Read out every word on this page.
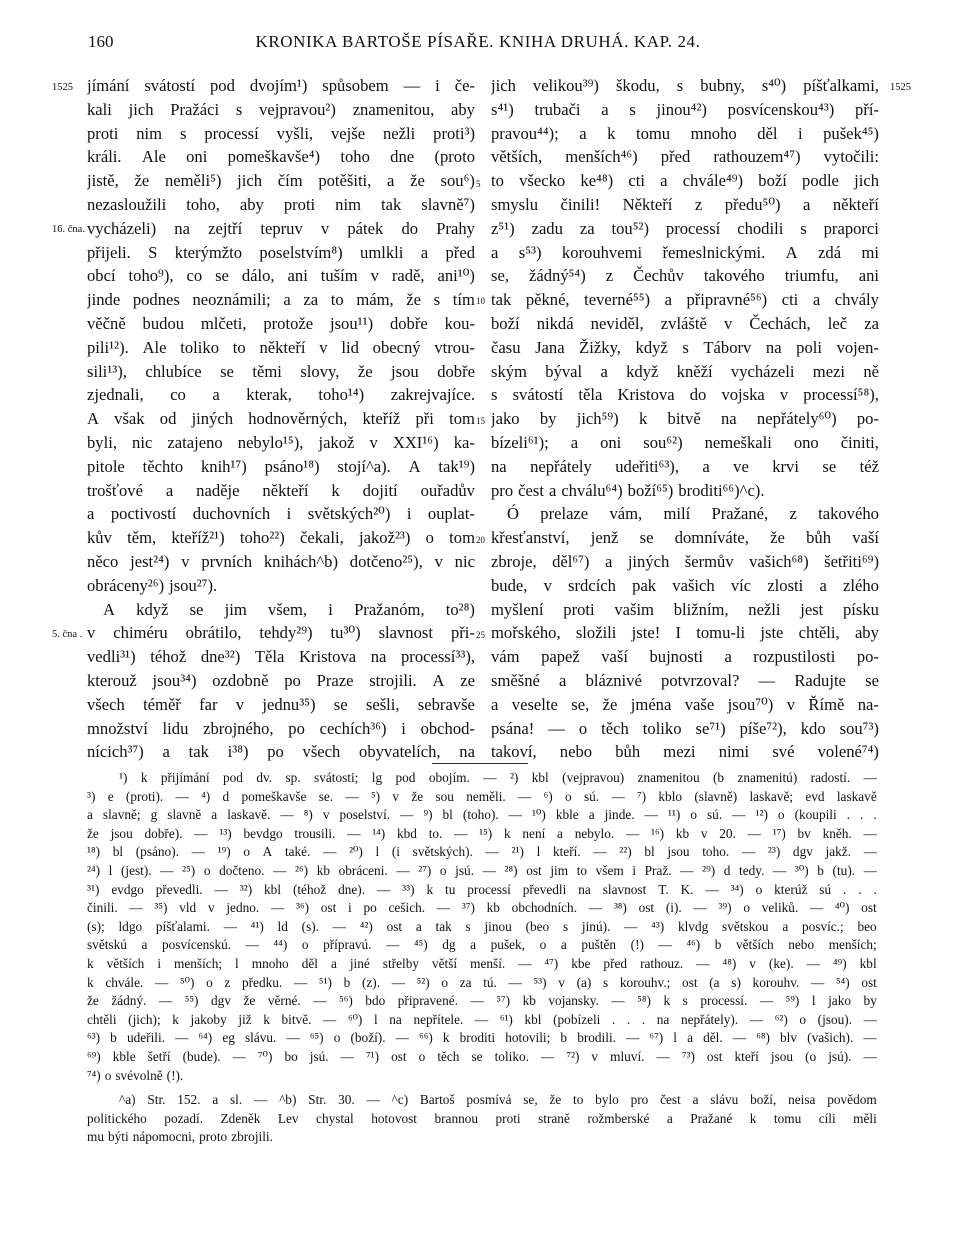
160	KRONIKA BARTOŠE PÍSAŘE. KNIHA DRUHÁ. KAP. 24.
1525	1525
16. čna.
5. čna .
5
10
15
20
25
jímání svátostí pod dvojím¹) spůsobem — i če-
kali jich Pražáci s vejpravou²) znamenitou, aby
proti nim s processí vyšli, vejše nežli proti³)
králi. Ale oni pomeškavše⁴) toho dne (proto
jistě, že neměli⁵) jich čím potěšiti, a že sou⁶)
nezasloužili toho, aby proti nim tak slavně⁷)
vycházeli) na zejtří tepruv v pátek do Prahy
přijeli. S kterýmžto poselstvím⁸) umlkli a před
obcí toho⁹), co se dálo, ani tuším v radě, ani¹⁰)
jinde podnes neoznámili; a za to mám, že s tím
věčně budou mlčeti, protože jsou¹¹) dobře kou-
pili¹²). Ale toliko to někteří v lid obecný vtrou-
sili¹³), chlubíce se těmi slovy, že jsou dobře
zjednali, co a kterak, toho¹⁴) zakrejvajíce.
A však od jiných hodnověrných, kteříž při tom
byli, nic zatajeno nebylo¹⁵), jakož v XXI¹⁶) ka-
pitole těchto knih¹⁷) psáno¹⁸) stojí^a). A tak¹⁹)
trošťové a naděje někteří k dojití ouřadův
a poctivostí duchovních i světských²⁰) i ouplat-
kův těm, kteříž²¹) toho²²) čekali, jakož²³) o tom
něco jest²⁴) v prvních knihách^b) dotčeno²⁵), v nic
obráceny²⁶) jsou²⁷).
A když se jim všem, i Pražanóm, to²⁸)
v chiméru obrátilo, tehdy²⁹) tu³⁰) slavnost při-
vedli³¹) téhož dne³²) Těla Kristova na processí³³),
kterouž jsou³⁴) ozdobně po Praze strojili. A ze
všech téměř far v jednu³⁵) se sešli, sebravše
množství lidu zbrojného, po cechích³⁶) i obchod-
nícich³⁷) a tak i³⁸) po všech obyvatelích, na
jich velikou³⁹) škodu, s bubny, s⁴⁰) píšťalkami,
s⁴¹) trubači a s jinou⁴²) posvícenskou⁴³) pří-
pravou⁴⁴); a k tomu mnoho děl i pušek⁴⁵)
větších, menších⁴⁶) před rathouzem⁴⁷) vytočili:
to všecko ke⁴⁸) cti a chvále⁴⁹) boží podle jich
smyslu činili! Někteří z předu⁵⁰) a někteří
z⁵¹) zadu za tou⁵²) processí chodili s praporci
a s⁵³) korouhvemi řemeslnickými. A zdá mi
se, žádný⁵⁴) z Čechův takového triumfu, ani
tak pěkné, teverné⁵⁵) a připravné⁵⁶) cti a chvály
boží nikdá neviděl, zvláště v Čechách, leč za
času Jana Žižky, když s Táborv na poli vojen-
ským býval a když kněží vycházeli mezi ně
s svátostí těla Kristova do vojska v processí⁵⁸),
jako by jich⁵⁹) k bitvě na nepřátely⁶⁰) po-
bízeli⁶¹); a oni sou⁶²) nemeškali ono činiti,
na nepřátely udeřiti⁶³), a ve krvi se též
pro čest a chválu⁶⁴) boží⁶⁵) broditi⁶⁶)^c).
Ó prelaze vám, milí Pražané, z takového
křesťanství, jenž se domníváte, že bůh vaší
zbroje, děl⁶⁷) a jiných šermův vašich⁶⁸) šetřiti⁶⁹)
bude, v srdcích pak vašich víc zlosti a zlého
myšlení proti vašim bližním, nežli jest písku
mořského, složili jste! I tomu-li jste chtěli, aby
vám papež vaší bujnosti a rozpustilosti po-
směšné a bláznivé potvrzoval? — Radujte se
a veselte se, že jména vaše jsou⁷⁰) v Římě na-
psána! — o těch toliko se⁷¹) píše⁷²), kdo sou⁷³)
takoví, nebo bůh mezi nimi své volené⁷⁴)
¹) k přijímání pod dv. sp. svátosti; lg pod obojím. — ²) kbl (vejpravou) znamenitou (b znamenitú) radostí. —
³) e (proti). — ⁴) d pomeškavše se. — ⁵) v že sou neměli. — ⁶) o sú. — ⁷) kblo (slavně) laskavě; evd laskavě
a slavně; g slavně a laskavě. — ⁸) v poselství. — ⁹) bl (toho). — ¹⁰) kble a jinde. — ¹¹) o sú. — ¹²) o (koupili . . .
že jsou dobře). — ¹³) bevdgo trousili. — ¹⁴) kbd to. — ¹⁵) k není a nebylo. — ¹⁶) kb v 20. — ¹⁷) bv kněh. —
¹⁸) bl (psáno). — ¹⁹) o A také. — ²⁰) l (i světských). — ²¹) l kteří. — ²²) bl jsou toho. — ²³) dgv jakž. —
²⁴) l (jest). — ²⁵) o dočteno. — ²⁶) kb obráceni. — ²⁷) o jsú. — ²⁸) ost jim to všem i Praž. — ²⁹) d tedy. — ³⁰) b (tu). —
³¹) evdgo převedli. — ³²) kbl (téhož dne). — ³³) k tu processí převedli na slavnost T. K. — ³⁴) o kterúž sú . . .
činili. — ³⁵) vld v jedno. — ³⁶) ost i po cešich. — ³⁷) kb obchodních. — ³⁸) ost (i). — ³⁹) o veliků. — ⁴⁰) ost
(s); ldgo píšťalami. — ⁴¹) ld (s). — ⁴²) ost a tak s jinou (beo s jinú). — ⁴³) klvdg světskou a posvíc.; beo
světskú a posvícenskú. — ⁴⁴) o přípravú. — ⁴⁵) dg a pušek, o a puštěn (!) — ⁴⁶) b větších nebo menších;
k větších i menších; l mnoho děl a jiné střelby větší menší. — ⁴⁷) kbe před rathouz. — ⁴⁸) v (ke). — ⁴⁹) kbl
k chvále. — ⁵⁰) o z předku. — ⁵¹) b (z). — ⁵²) o za tú. — ⁵³) v (a) s korouhv.; ost (a s) korouhv. — ⁵⁴) ost
že žádný. — ⁵⁵) dgv že věrné. — ⁵⁶) bdo připravené. — ⁵⁷) kb vojansky. — ⁵⁸) k s processí. — ⁵⁹) l jako by
chtěli (jich); k jakoby již k bitvě. — ⁶⁰) l na nepřítele. — ⁶¹) kbl (pobízeli . . . na nepřátely). — ⁶²) o (jsou). —
⁶³) b udeřili. — ⁶⁴) eg slávu. — ⁶⁵) o (boží). — ⁶⁶) k broditi hotovili; b brodili. — ⁶⁷) l a děl. — ⁶⁸) blv (vašich). —
⁶⁹) kble šetří (bude). — ⁷⁰) bo jsú. — ⁷¹) ost o těch se toliko. — ⁷²) v mluví. — ⁷³) ost kteří jsou (o jsú). —
⁷⁴) o svévolně (!).
^a) Str. 152. a sl. — ^b) Str. 30. — ^c) Bartoš posmívá se, že to bylo pro čest a slávu boží, neisa povědom
politického pozadí. Zdeněk Lev chystal hotovost brannou proti straně rožmberské a Pražané k tomu cíli měli
mu býti nápomocni, proto zbrojili.
